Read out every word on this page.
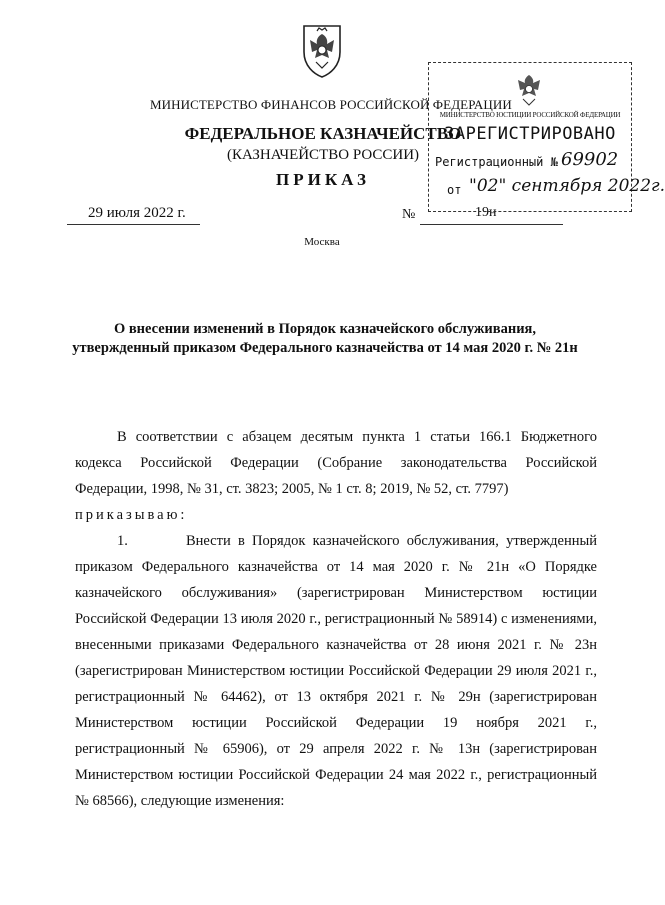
МИНИСТЕРСТВО ФИНАНСОВ РОССИЙСКОЙ ФЕДЕРАЦИИ
ФЕДЕРАЛЬНОЕ КАЗНАЧЕЙСТВО
(КАЗНАЧЕЙСТВО РОССИИ)
ПРИКАЗ
29 июля 2022 г.	№	19н
Москва
МИНИСТЕРСТВО ЮСТИЦИИ РОССИЙСКОЙ ФЕДЕРАЦИИ
ЗАРЕГИСТРИРОВАНО
Регистрационный № 69902
от "02" сентября 2022г.
О внесении изменений в Порядок казначейского обслуживания, утвержденный приказом Федерального казначейства от 14 мая 2020 г. № 21н

В соответствии с абзацем десятым пункта 1 статьи 166.1 Бюджетного кодекса Российской Федерации (Собрание законодательства Российской Федерации, 1998, № 31, ст. 3823; 2005, № 1 ст. 8; 2019, № 52, ст. 7797)

приказываю:

1.	Внести в Порядок казначейского обслуживания, утвержденный приказом Федерального казначейства от 14 мая 2020 г. № 21н «О Порядке казначейского обслуживания» (зарегистрирован Министерством юстиции Российской Федерации 13 июля 2020 г., регистрационный № 58914) с изменениями, внесенными приказами Федерального казначейства от 28 июня 2021 г. № 23н (зарегистрирован Министерством юстиции Российской Федерации 29 июля 2021 г., регистрационный № 64462), от 13 октября 2021 г. № 29н (зарегистрирован Министерством юстиции Российской Федерации 19 ноября 2021 г., регистрационный № 65906), от 29 апреля 2022 г. № 13н (зарегистрирован Министерством юстиции Российской Федерации 24 мая 2022 г., регистрационный № 68566), следующие изменения:
